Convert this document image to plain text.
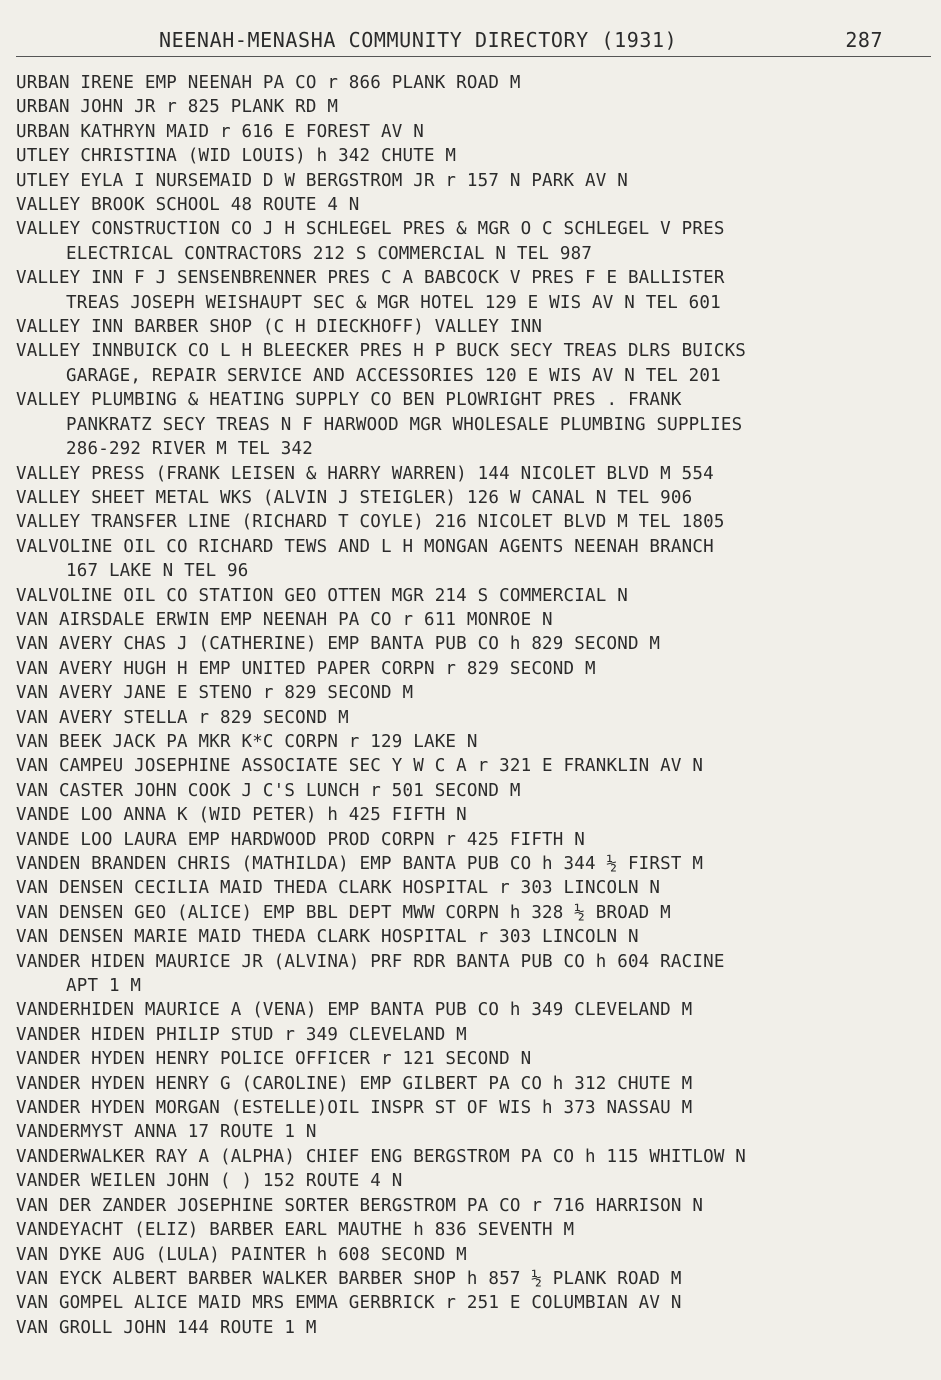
NEENAH-MENASHA COMMUNITY DIRECTORY (1931)	287
URBAN IRENE EMP NEENAH PA CO r 866 PLANK ROAD M
URBAN JOHN JR r 825 PLANK RD M
URBAN KATHRYN MAID r 616 E FOREST AV N
UTLEY CHRISTINA (WID LOUIS) h 342 CHUTE M
UTLEY EYLA I NURSEMAID D W BERGSTROM JR r 157 N PARK AV N
VALLEY BROOK SCHOOL 48 ROUTE 4 N
VALLEY CONSTRUCTION CO J H SCHLEGEL PRES & MGR O C SCHLEGEL V PRES
ELECTRICAL CONTRACTORS 212 S COMMERCIAL N TEL 987
VALLEY INN F J SENSENBRENNER PRES C A BABCOCK V PRES F E BALLISTER
TREAS JOSEPH WEISHAUPT SEC & MGR HOTEL 129 E WIS AV N TEL 601
VALLEY INN BARBER SHOP (C H DIECKHOFF) VALLEY INN
VALLEY INNBUICK CO L H BLEECKER PRES H P BUCK SECY TREAS DLRS BUICKS
GARAGE, REPAIR SERVICE AND ACCESSORIES 120 E WIS AV N TEL 201
VALLEY PLUMBING & HEATING SUPPLY CO BEN PLOWRIGHT PRES . FRANK
PANKRATZ SECY TREAS N F HARWOOD MGR WHOLESALE PLUMBING SUPPLIES
286-292 RIVER M TEL 342
VALLEY PRESS (FRANK LEISEN & HARRY WARREN) 144 NICOLET BLVD M 554
VALLEY SHEET METAL WKS (ALVIN J STEIGLER) 126 W CANAL N TEL 906
VALLEY TRANSFER LINE (RICHARD T COYLE) 216 NICOLET BLVD M TEL 1805
VALVOLINE OIL CO RICHARD TEWS AND L H MONGAN AGENTS NEENAH BRANCH
167 LAKE N TEL 96
VALVOLINE OIL CO STATION GEO OTTEN MGR 214 S COMMERCIAL N
VAN AIRSDALE ERWIN EMP NEENAH PA CO r 611 MONROE N
VAN AVERY CHAS J (CATHERINE) EMP BANTA PUB CO h 829 SECOND M
VAN AVERY HUGH H EMP UNITED PAPER CORPN r 829 SECOND M
VAN AVERY JANE E STENO r 829 SECOND M
VAN AVERY STELLA r 829 SECOND M
VAN BEEK JACK PA MKR K*C CORPN r 129 LAKE N
VAN CAMPEU JOSEPHINE ASSOCIATE SEC Y W C A r 321 E FRANKLIN AV N
VAN CASTER JOHN COOK J C'S LUNCH r 501 SECOND M
VANDE LOO ANNA K (WID PETER) h 425 FIFTH N
VANDE LOO LAURA EMP HARDWOOD PROD CORPN r 425 FIFTH N
VANDEN BRANDEN CHRIS (MATHILDA) EMP BANTA PUB CO h 344 ½ FIRST M
VAN DENSEN CECILIA MAID THEDA CLARK HOSPITAL r 303 LINCOLN N
VAN DENSEN GEO (ALICE) EMP BBL DEPT MWW CORPN h 328 ½ BROAD M
VAN DENSEN MARIE MAID THEDA CLARK HOSPITAL r 303 LINCOLN N
VANDER HIDEN MAURICE JR (ALVINA) PRF RDR BANTA PUB CO h 604 RACINE
APT 1 M
VANDERHIDEN MAURICE A (VENA) EMP BANTA PUB CO h 349 CLEVELAND M
VANDER HIDEN PHILIP STUD r 349 CLEVELAND M
VANDER HYDEN HENRY POLICE OFFICER r 121 SECOND N
VANDER HYDEN HENRY G (CAROLINE) EMP GILBERT PA CO h 312 CHUTE M
VANDER HYDEN MORGAN (ESTELLE)OIL INSPR ST OF WIS h 373 NASSAU M
VANDERMYST ANNA 17 ROUTE 1 N
VANDERWALKER RAY A (ALPHA) CHIEF ENG BERGSTROM PA CO h 115 WHITLOW N
VANDER WEILEN JOHN ( ) 152 ROUTE 4 N
VAN DER ZANDER JOSEPHINE SORTER BERGSTROM PA CO r 716 HARRISON N
VANDEYACHT (ELIZ) BARBER EARL MAUTHE h 836 SEVENTH M
VAN DYKE AUG (LULA) PAINTER h 608 SECOND M
VAN EYCK ALBERT BARBER WALKER BARBER SHOP h 857 ½ PLANK ROAD M
VAN GOMPEL ALICE MAID MRS EMMA GERBRICK r 251 E COLUMBIAN AV N
VAN GROLL JOHN 144 ROUTE 1 M
